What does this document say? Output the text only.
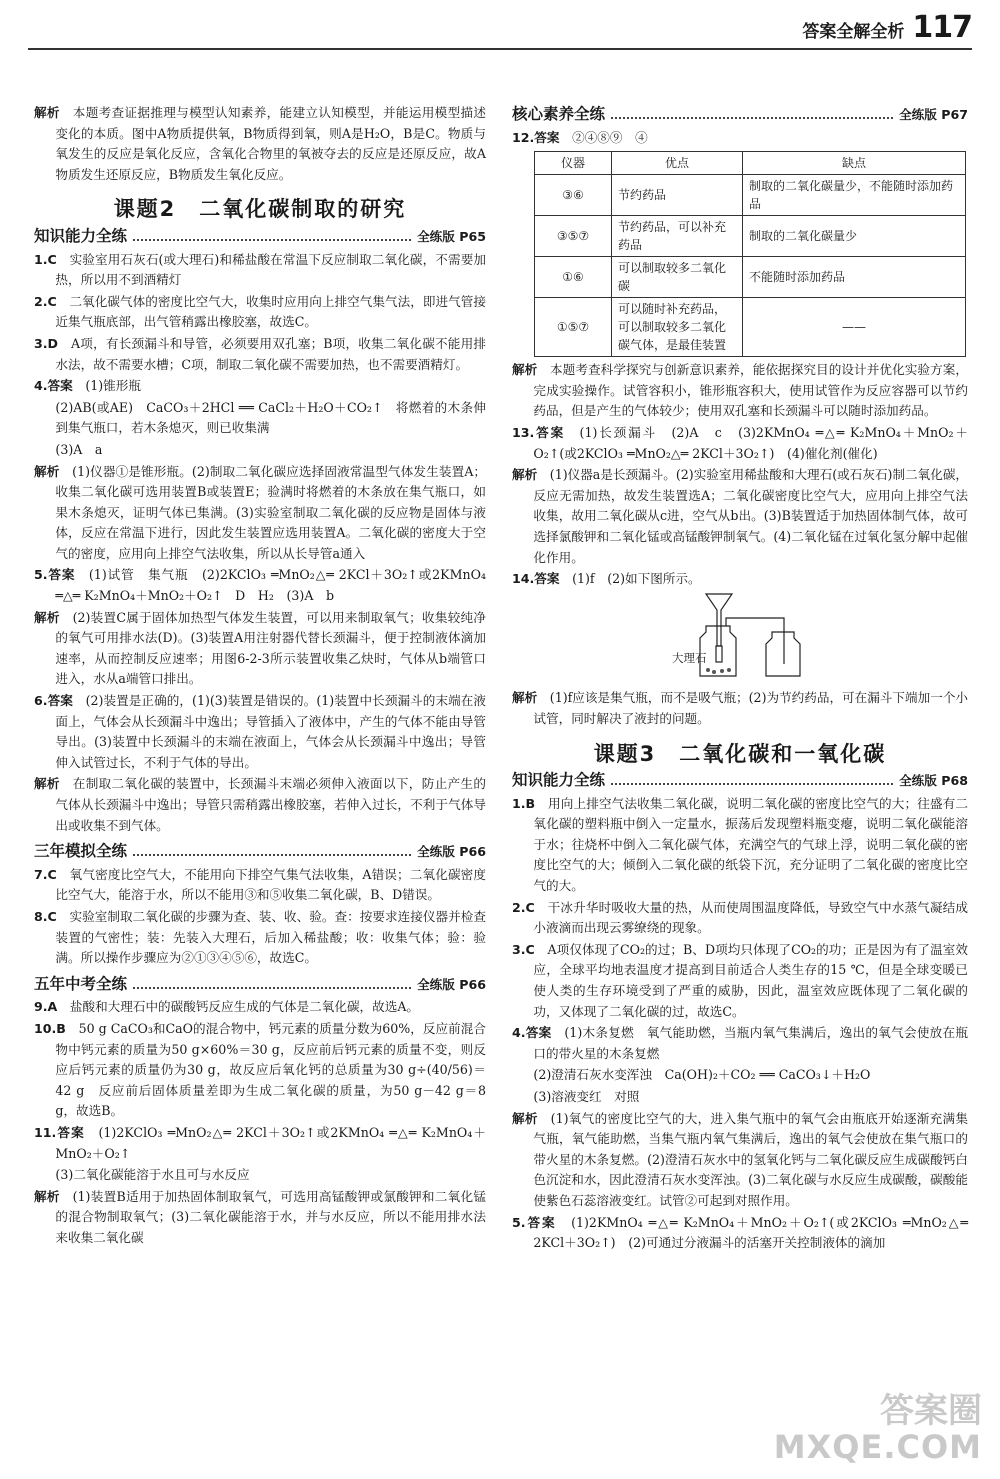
答案全解全析 117

解析　本题考查证据推理与模型认知素养，能建立认知模型，并能运用模型描述变化的本质。图中A物质提供氧，B物质得到氧，则A是H₂O，B是C。物质与氧发生的反应是氧化反应，含氧化合物里的氧被夺去的反应是还原反应，故A物质发生还原反应，B物质发生氧化反应。

课题2　二氧化碳制取的研究
知识能力全练	全练版 P65

1.C　实验室用石灰石(或大理石)和稀盐酸在常温下反应制取二氧化碳，不需要加热，所以用不到酒精灯

2.C　二氧化碳气体的密度比空气大，收集时应用向上排空气集气法，即进气管接近集气瓶底部，出气管稍露出橡胶塞，故选C。

3.D　A项，有长颈漏斗和导管，必须要用双孔塞；B项，收集二氧化碳不能用排水法，故不需要水槽；C项，制取二氧化碳不需要加热，也不需要酒精灯。

4.答案　(1)锥形瓶

(2)AB(或AE)　CaCO₃＋2HCl ══ CaCl₂＋H₂O＋CO₂↑　将燃着的木条伸到集气瓶口，若木条熄灭，则已收集满

(3)A　a

解析　(1)仪器①是锥形瓶。(2)制取二氧化碳应选择固液常温型气体发生装置A；收集二氧化碳可选用装置B或装置E；验满时将燃着的木条放在集气瓶口，如果木条熄灭，证明气体已集满。(3)实验室制取二氧化碳的反应物是固体与液体，反应在常温下进行，因此发生装置应选用装置A。二氧化碳的密度大于空气的密度，应用向上排空气法收集，所以从长导管a通入

5.答案　(1)试管　集气瓶　(2)2KClO₃ ═MnO₂△═ 2KCl＋3O₂↑或2KMnO₄ ═△═ K₂MnO₄＋MnO₂＋O₂↑　D　H₂　(3)A　b

解析　(2)装置C属于固体加热型气体发生装置，可以用来制取氧气；收集较纯净的氧气可用排水法(D)。(3)装置A用注射器代替长颈漏斗，便于控制液体滴加速率，从而控制反应速率；用图6-2-3所示装置收集乙炔时，气体从b端管口进入，水从a端管口排出。

6.答案　(2)装置是正确的，(1)(3)装置是错误的。(1)装置中长颈漏斗的末端在液面上，气体会从长颈漏斗中逸出；导管插入了液体中，产生的气体不能由导管导出。(3)装置中长颈漏斗的末端在液面上，气体会从长颈漏斗中逸出；导管伸入试管过长，不利于气体的导出。

解析　在制取二氧化碳的装置中，长颈漏斗末端必须伸入液面以下，防止产生的气体从长颈漏斗中逸出；导管只需稍露出橡胶塞，若伸入过长，不利于气体导出或收集不到气体。

三年模拟全练	全练版 P66

7.C　氧气密度比空气大，不能用向下排空气集气法收集，A错误；二氧化碳密度比空气大，能溶于水，所以不能用③和⑤收集二氧化碳，B、D错误。

8.C　实验室制取二氧化碳的步骤为查、装、收、验。查：按要求连接仪器并检查装置的气密性；装：先装入大理石，后加入稀盐酸；收：收集气体；验：验满。所以操作步骤应为②①③④⑤⑥，故选C。

五年中考全练	全练版 P66

9.A　盐酸和大理石中的碳酸钙反应生成的气体是二氧化碳，故选A。

10.B　50 g CaCO₃和CaO的混合物中，钙元素的质量分数为60%，反应前混合物中钙元素的质量为50 g×60%＝30 g，反应前后钙元素的质量不变，则反应后钙元素的质量仍为30 g，故反应后氧化钙的总质量为30 g÷(40/56)＝42 g　反应前后固体质量差即为生成二氧化碳的质量，为50 g－42 g＝8 g，故选B。

11.答案　(1)2KClO₃ ═MnO₂△═ 2KCl＋3O₂↑或2KMnO₄ ═△═ K₂MnO₄＋MnO₂＋O₂↑

(3)二氧化碳能溶于水且可与水反应

解析　(1)装置B适用于加热固体制取氧气，可选用高锰酸钾或氯酸钾和二氧化锰的混合物制取氧气；(3)二氧化碳能溶于水，并与水反应，所以不能用排水法来收集二氧化碳

核心素养全练	全练版 P67

12.答案　②④⑧⑨　④

仪器	优点	缺点
③⑥	节约药品	制取的二氧化碳量少，不能随时添加药品
③⑤⑦	节约药品，可以补充药品	制取的二氧化碳量少
①⑥	可以制取较多二氧化碳	不能随时添加药品
①⑤⑦	可以随时补充药品，可以制取较多二氧化碳气体，是最佳装置	——

解析　本题考查科学探究与创新意识素养，能依据探究目的设计并优化实验方案，完成实验操作。试管容积小，锥形瓶容积大，使用试管作为反应容器可以节约药品，但是产生的气体较少；使用双孔塞和长颈漏斗可以随时添加药品。

13.答案　(1)长颈漏斗　(2)A　c　(3)2KMnO₄ ═△═ K₂MnO₄＋MnO₂＋O₂↑(或2KClO₃ ═MnO₂△═ 2KCl＋3O₂↑)　(4)催化剂(催化)

解析　(1)仪器a是长颈漏斗。(2)实验室用稀盐酸和大理石(或石灰石)制二氧化碳，反应无需加热，故发生装置选A；二氧化碳密度比空气大，应用向上排空气法收集，故用二氧化碳从c进，空气从b出。(3)B装置适于加热固体制气体，故可选择氯酸钾和二氧化锰或高锰酸钾制氧气。(4)二氧化锰在过氧化氢分解中起催化作用。

14.答案　(1)f　(2)如下图所示。

大理石

解析　(1)f应该是集气瓶，而不是吸气瓶；(2)为节约药品，可在漏斗下端加一个小试管，同时解决了液封的问题。

课题3　二氧化碳和一氧化碳
知识能力全练	全练版 P68

1.B　用向上排空气法收集二氧化碳，说明二氧化碳的密度比空气的大；往盛有二氧化碳的塑料瓶中倒入一定量水，振荡后发现塑料瓶变瘪，说明二氧化碳能溶于水；往烧杯中倒入二氧化碳气体，充满空气的气球上浮，说明二氧化碳的密度比空气的大；倾倒入二氧化碳的纸袋下沉，充分证明了二氧化碳的密度比空气的大。

2.C　干冰升华时吸收大量的热，从而使周围温度降低，导致空气中水蒸气凝结成小液滴而出现云雾缭绕的现象。

3.C　A项仅体现了CO₂的过；B、D项均只体现了CO₂的功；正是因为有了温室效应，全球平均地表温度才提高到目前适合人类生存的15 ℃，但是全球变暖已使人类的生存环境受到了严重的威胁，因此，温室效应既体现了二氧化碳的功，又体现了二氧化碳的过，故选C。

4.答案　(1)木条复燃　氧气能助燃，当瓶内氧气集满后，逸出的氧气会使放在瓶口的带火星的木条复燃

(2)澄清石灰水变浑浊　Ca(OH)₂＋CO₂ ══ CaCO₃↓＋H₂O

(3)溶液变红　对照

解析　(1)氧气的密度比空气的大，进入集气瓶中的氧气会由瓶底开始逐渐充满集气瓶，氧气能助燃，当集气瓶内氧气集满后，逸出的氧气会使放在集气瓶口的带火星的木条复燃。(2)澄清石灰水中的氢氧化钙与二氧化碳反应生成碳酸钙白色沉淀和水，因此澄清石灰水变浑浊。(3)二氧化碳与水反应生成碳酸，碳酸能使紫色石蕊溶液变红。试管②可起到对照作用。

5.答案　(1)2KMnO₄ ═△═ K₂MnO₄＋MnO₂＋O₂↑(或2KClO₃ ═MnO₂△═ 2KCl＋3O₂↑)　(2)可通过分液漏斗的活塞开关控制液体的滴加

答案圈
MXQE.COM
